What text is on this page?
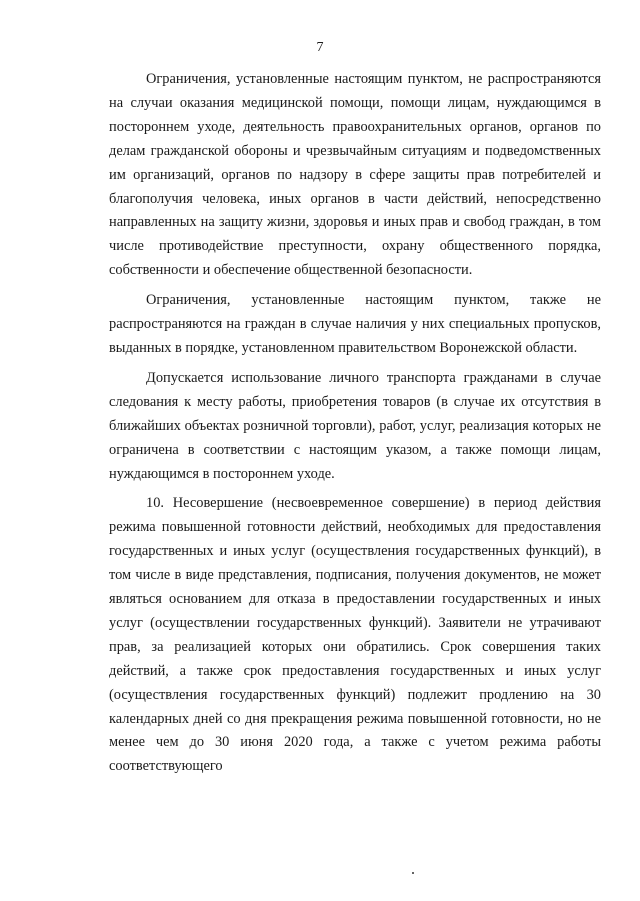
7

Ограничения, установленные настоящим пунктом, не распространяются на случаи оказания медицинской помощи, помощи лицам, нуждающимся в постороннем уходе, деятельность правоохранительных органов, органов по делам гражданской обороны и чрезвычайным ситуациям и подведомственных им организаций, органов по надзору в сфере защиты прав потребителей и благополучия человека, иных органов в части действий, непосредственно направленных на защиту жизни, здоровья и иных прав и свобод граждан, в том числе противодействие преступности, охрану общественного порядка, собственности и обеспечение общественной безопасности.

Ограничения, установленные настоящим пунктом, также не распространяются на граждан в случае наличия у них специальных пропусков, выданных в порядке, установленном правительством Воронежской области.

Допускается использование личного транспорта гражданами в случае следования к месту работы, приобретения товаров (в случае их отсутствия в ближайших объектах розничной торговли), работ, услуг, реализация которых не ограничена в соответствии с настоящим указом, а также помощи лицам, нуждающимся в постороннем уходе.

10. Несовершение (несвоевременное совершение) в период действия режима повышенной готовности действий, необходимых для предоставления государственных и иных услуг (осуществления государственных функций), в том числе в виде представления, подписания, получения документов, не может являться основанием для отказа в предоставлении государственных и иных услуг (осуществлении государственных функций). Заявители не утрачивают прав, за реализацией которых они обратились. Срок совершения таких действий, а также срок предоставления государственных и иных услуг (осуществления государственных функций) подлежит продлению на 30 календарных дней со дня прекращения режима повышенной готовности, но не менее чем до 30 июня 2020 года, а также с учетом режима работы соответствующего
